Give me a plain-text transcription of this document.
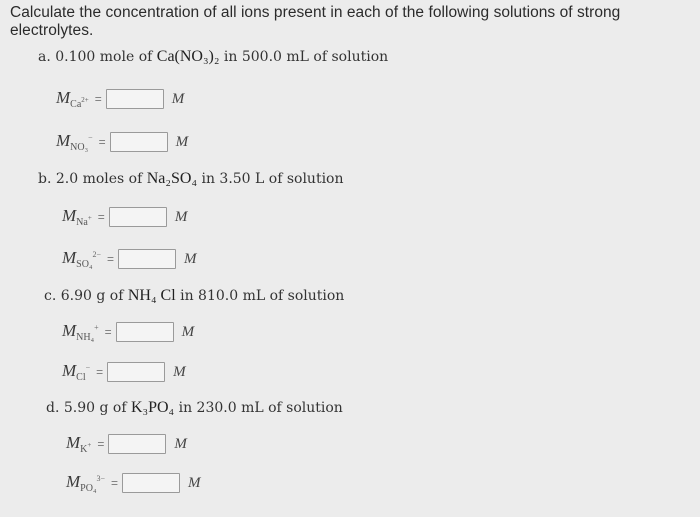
Calculate the concentration of all ions present in each of the following solutions of strong electrolytes.
a. 0.100 mole of Ca(NO₃)₂ in 500.0 mL of solution
$M_{Ca^{2+}}$ =	M
$M_{NO_3}^-$ =	M
b. 2.0 moles of Na₂SO₄ in 3.50 L of solution
$M_{Na^+}$ =	M
$M_{SO_4}^{2-}$ =	M
c. 6.90 g of NH₄ Cl in 810.0 mL of solution
$M_{NH_4}^+$ =	M
$M_{Cl}^-$ =	M
d. 5.90 g of K₃PO₄ in 230.0 mL of solution
$M_{K^+}$ =	M
$M_{PO_4}^{3-}$ =	M
